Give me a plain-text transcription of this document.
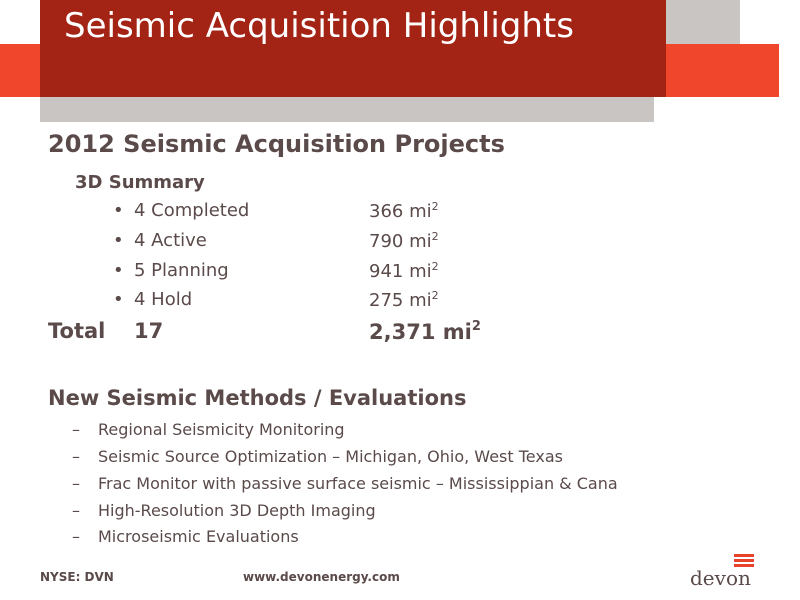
Seismic Acquisition Highlights
2012 Seismic Acquisition Projects
3D Summary
• 4 Completed	366 $mi^2$
• 4 Active	790 $mi^2$
• 5 Planning	941 $mi^2$
• 4 Hold	275 $mi^2$
Total 17	2,371 $mi^2$
New Seismic Methods / Evaluations
– Regional Seismicity Monitoring
– Seismic Source Optimization – Michigan, Ohio, West Texas
– Frac Monitor with passive surface seismic – Mississippian & Cana
– High-Resolution 3D Depth Imaging
– Microseismic Evaluations
NYSE: DVN	www.devonenergy.com	devon
